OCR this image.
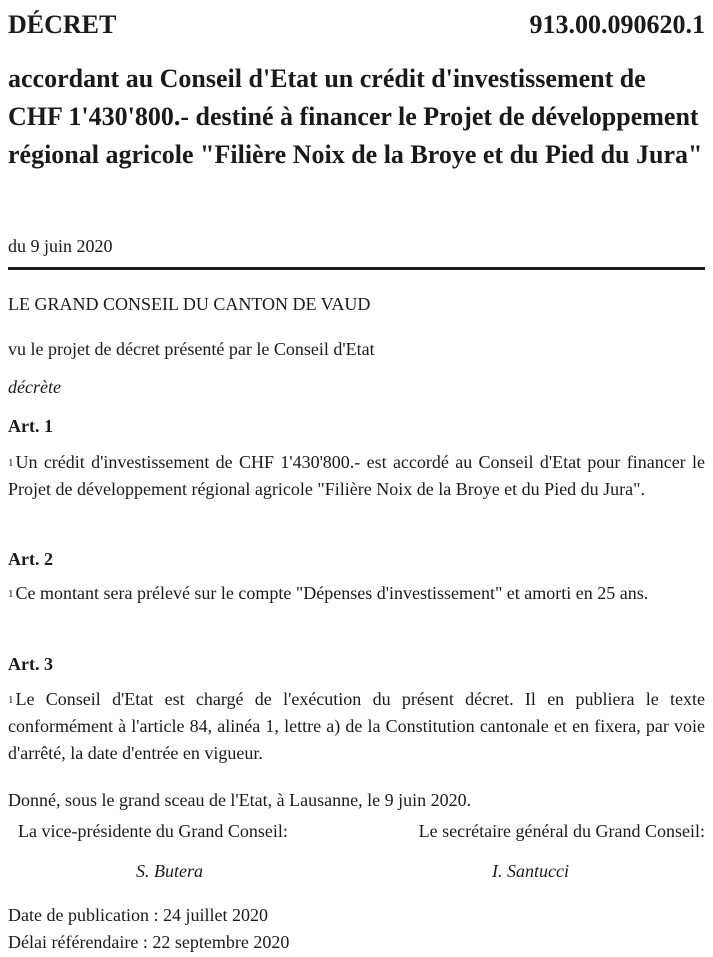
DÉCRET	913.00.090620.1
accordant au Conseil d'Etat un crédit d'investissement de CHF 1'430'800.- destiné à financer le Projet de développement régional agricole "Filière Noix de la Broye et du Pied du Jura"
du 9 juin 2020
LE GRAND CONSEIL DU CANTON DE VAUD
vu le projet de décret présenté par le Conseil d'Etat
décrète
Art. 1
$^1$ Un crédit d'investissement de CHF 1'430'800.- est accordé au Conseil d'Etat pour financer le Projet de développement régional agricole "Filière Noix de la Broye et du Pied du Jura".
Art. 2
$^1$ Ce montant sera prélevé sur le compte "Dépenses d'investissement" et amorti en 25 ans.
Art. 3
$^1$ Le Conseil d'Etat est chargé de l'exécution du présent décret. Il en publiera le texte conformément à l'article 84, alinéa 1, lettre a) de la Constitution cantonale et en fixera, par voie d'arrêté, la date d'entrée en vigueur.
Donné, sous le grand sceau de l'Etat, à Lausanne, le 9 juin 2020.
La vice-présidente du Grand Conseil:	Le secrétaire général du Grand Conseil:
S. Butera	I. Santucci
Date de publication : 24 juillet 2020
Délai référendaire : 22 septembre 2020
